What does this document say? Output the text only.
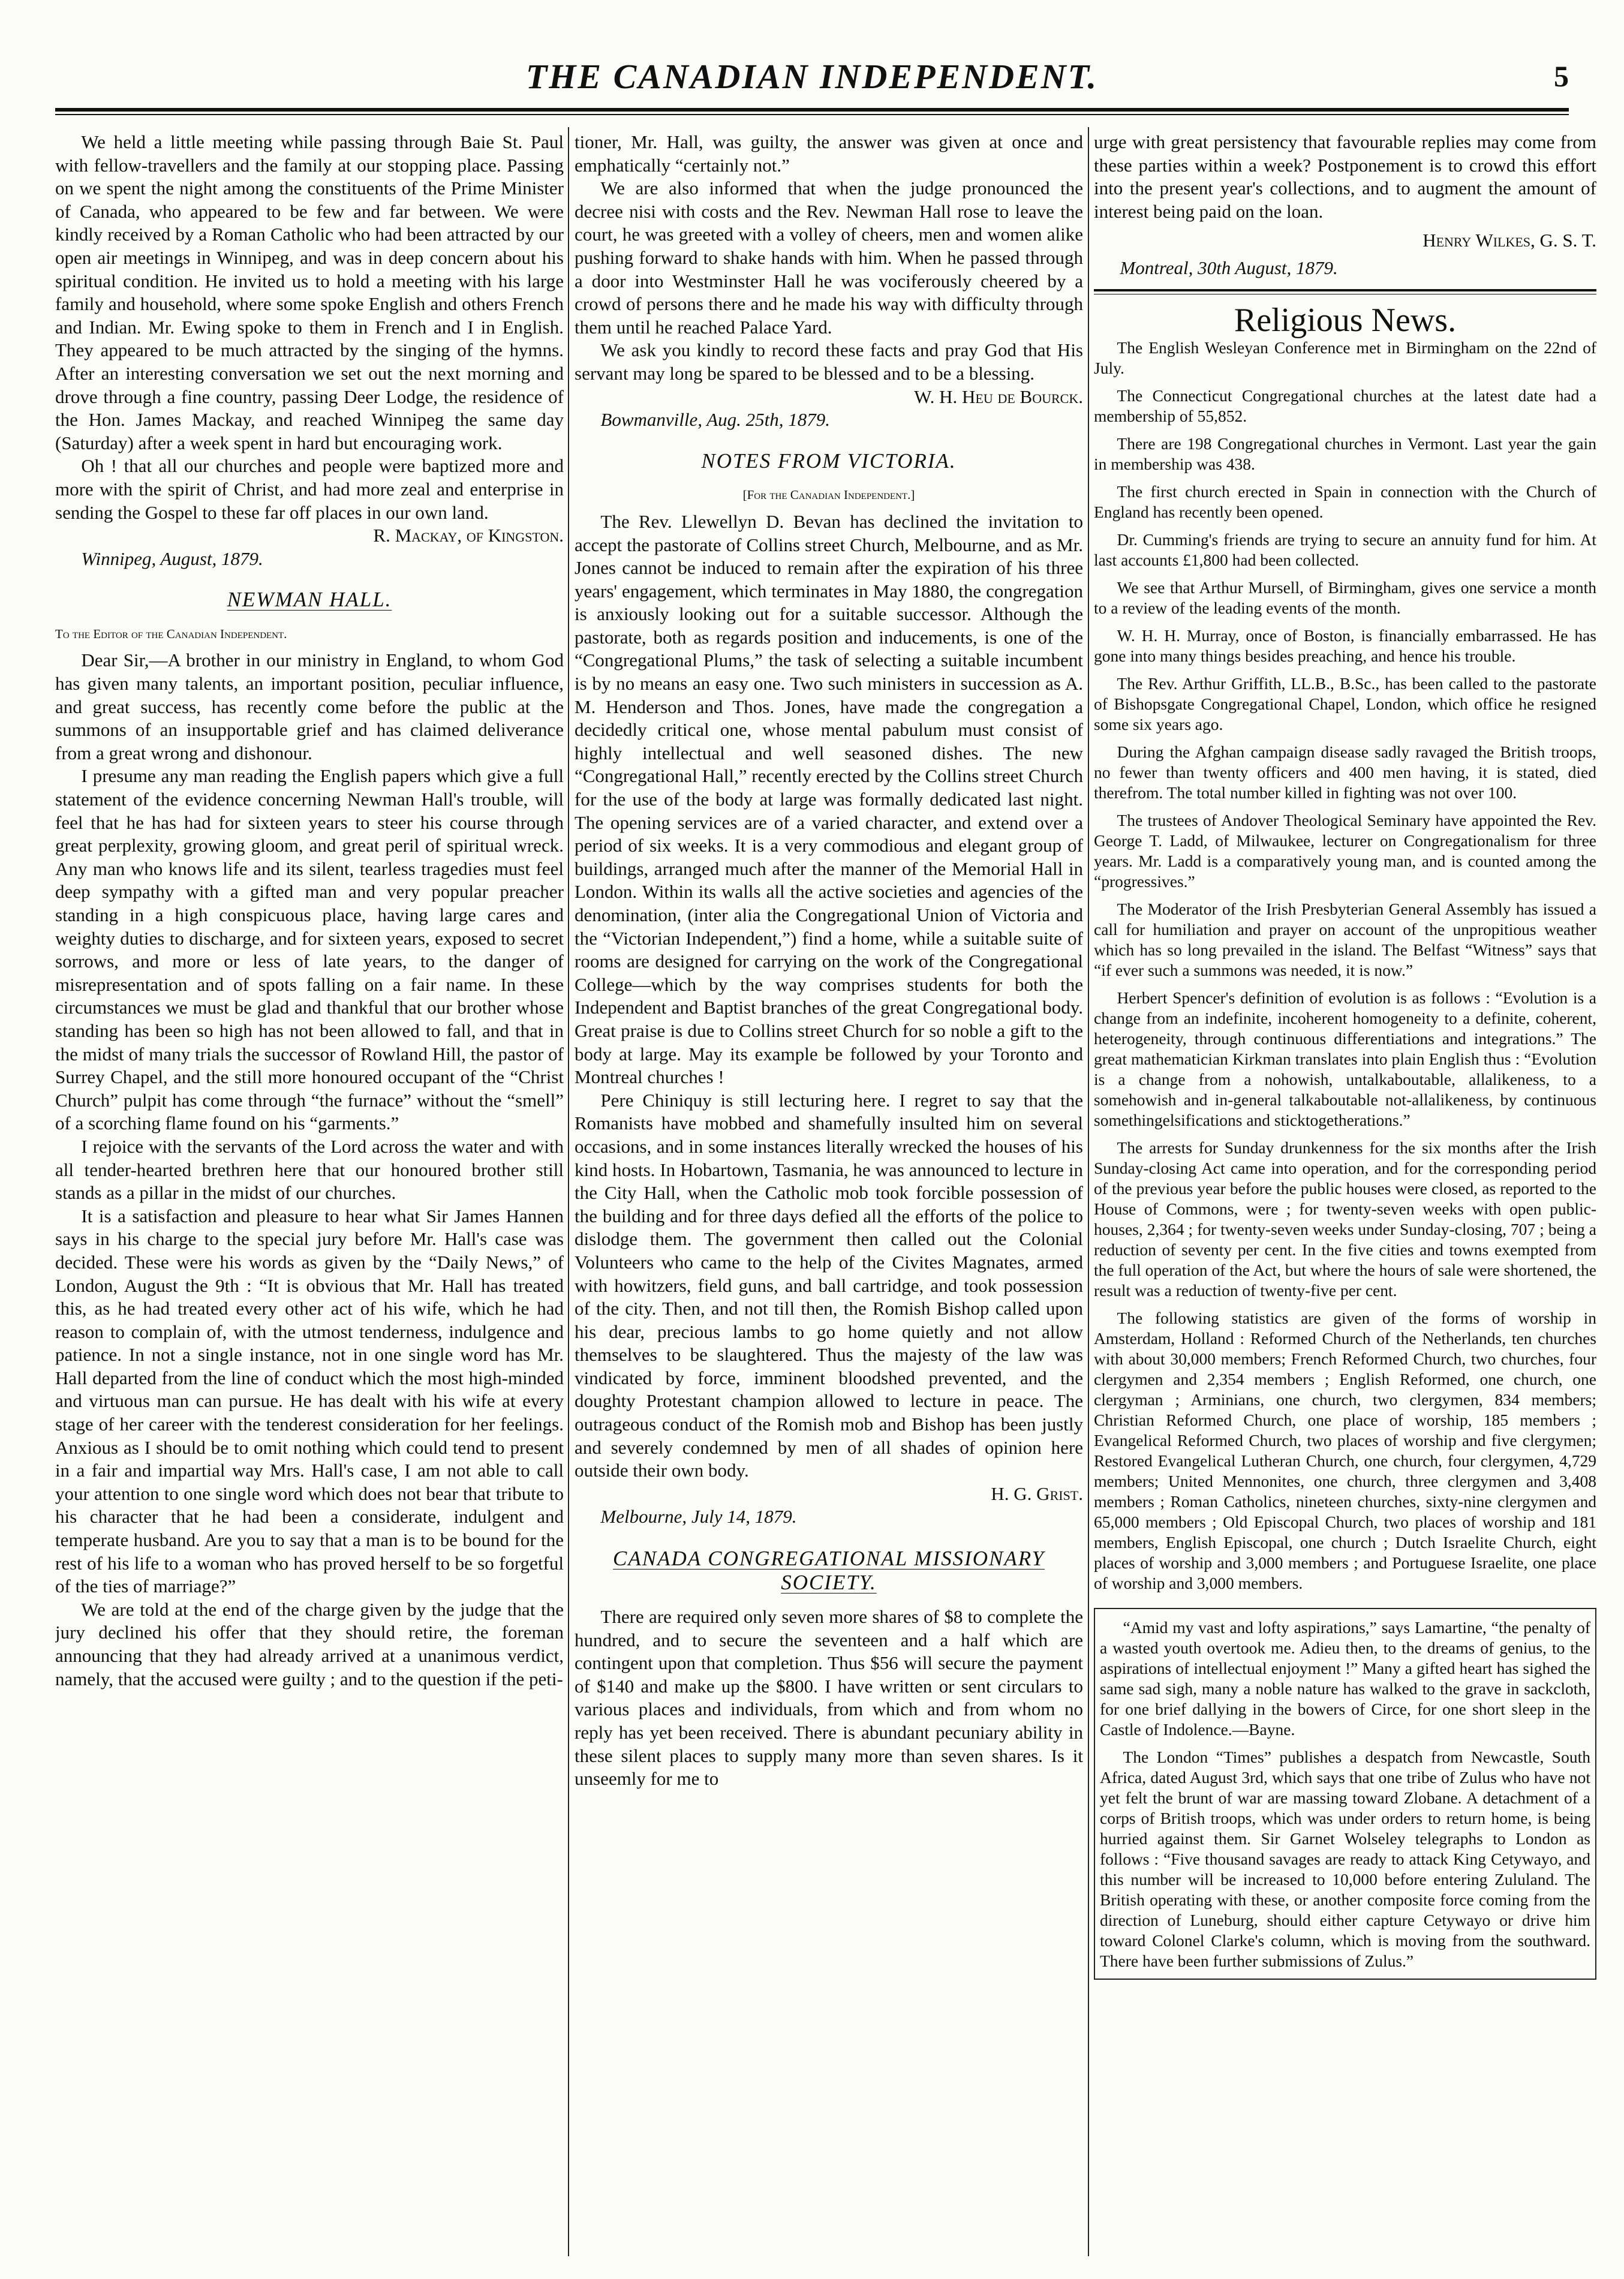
THE CANADIAN INDEPENDENT.	5

We held a little meeting while passing through Baie St. Paul with fellow-travellers and the family at our stopping place. Passing on we spent the night among the constituents of the Prime Minister of Canada, who appeared to be few and far between. We were kindly received by a Roman Catholic who had been attracted by our open air meetings in Winnipeg, and was in deep concern about his spiritual condition. He invited us to hold a meeting with his large family and household, where some spoke English and others French and Indian. Mr. Ewing spoke to them in French and I in English. They appeared to be much attracted by the singing of the hymns. After an interesting conversation we set out the next morning and drove through a fine country, passing Deer Lodge, the residence of the Hon. James Mackay, and reached Winnipeg the same day (Saturday) after a week spent in hard but encouraging work.

Oh ! that all our churches and people were baptized more and more with the spirit of Christ, and had more zeal and enterprise in sending the Gospel to these far off places in our own land.

R. Mackay, of Kingston.

Winnipeg, August, 1879.

NEWMAN HALL.

To the Editor of the Canadian Independent.

Dear Sir,—A brother in our ministry in England, to whom God has given many talents, an important position, peculiar influence, and great success, has recently come before the public at the summons of an insupportable grief and has claimed deliverance from a great wrong and dishonour.

I presume any man reading the English papers which give a full statement of the evidence concerning Newman Hall's trouble, will feel that he has had for sixteen years to steer his course through great perplexity, growing gloom, and great peril of spiritual wreck. Any man who knows life and its silent, tearless tragedies must feel deep sympathy with a gifted man and very popular preacher standing in a high conspicuous place, having large cares and weighty duties to discharge, and for sixteen years, exposed to secret sorrows, and more or less of late years, to the danger of misrepresentation and of spots falling on a fair name. In these circumstances we must be glad and thankful that our brother whose standing has been so high has not been allowed to fall, and that in the midst of many trials the successor of Rowland Hill, the pastor of Surrey Chapel, and the still more honoured occupant of the “Christ Church” pulpit has come through “the furnace” without the “smell” of a scorching flame found on his “garments.”

I rejoice with the servants of the Lord across the water and with all tender-hearted brethren here that our honoured brother still stands as a pillar in the midst of our churches.

It is a satisfaction and pleasure to hear what Sir James Hannen says in his charge to the special jury before Mr. Hall's case was decided. These were his words as given by the “Daily News,” of London, August the 9th : “It is obvious that Mr. Hall has treated this, as he had treated every other act of his wife, which he had reason to complain of, with the utmost tenderness, indulgence and patience. In not a single instance, not in one single word has Mr. Hall departed from the line of conduct which the most high-minded and virtuous man can pursue. He has dealt with his wife at every stage of her career with the tenderest consideration for her feelings. Anxious as I should be to omit nothing which could tend to present in a fair and impartial way Mrs. Hall's case, I am not able to call your attention to one single word which does not bear that tribute to his character that he had been a considerate, indulgent and temperate husband. Are you to say that a man is to be bound for the rest of his life to a woman who has proved herself to be so forgetful of the ties of marriage?”

We are told at the end of the charge given by the judge that the jury declined his offer that they should retire, the foreman announcing that they had already arrived at a unanimous verdict, namely, that the accused were guilty ; and to the question if the peti-

tioner, Mr. Hall, was guilty, the answer was given at once and emphatically “certainly not.”

We are also informed that when the judge pronounced the decree nisi with costs and the Rev. Newman Hall rose to leave the court, he was greeted with a volley of cheers, men and women alike pushing forward to shake hands with him. When he passed through a door into Westminster Hall he was vociferously cheered by a crowd of persons there and he made his way with difficulty through them until he reached Palace Yard.

We ask you kindly to record these facts and pray God that His servant may long be spared to be blessed and to be a blessing.

W. H. Heu de Bourck.

Bowmanville, Aug. 25th, 1879.

NOTES FROM VICTORIA.

[For the Canadian Independent.]

The Rev. Llewellyn D. Bevan has declined the invitation to accept the pastorate of Collins street Church, Melbourne, and as Mr. Jones cannot be induced to remain after the expiration of his three years' engagement, which terminates in May 1880, the congregation is anxiously looking out for a suitable successor. Although the pastorate, both as regards position and inducements, is one of the “Congregational Plums,” the task of selecting a suitable incumbent is by no means an easy one. Two such ministers in succession as A. M. Henderson and Thos. Jones, have made the congregation a decidedly critical one, whose mental pabulum must consist of highly intellectual and well seasoned dishes. The new “Congregational Hall,” recently erected by the Collins street Church for the use of the body at large was formally dedicated last night. The opening services are of a varied character, and extend over a period of six weeks. It is a very commodious and elegant group of buildings, arranged much after the manner of the Memorial Hall in London. Within its walls all the active societies and agencies of the denomination, (inter alia the Congregational Union of Victoria and the “Victorian Independent,”) find a home, while a suitable suite of rooms are designed for carrying on the work of the Congregational College—which by the way comprises students for both the Independent and Baptist branches of the great Congregational body. Great praise is due to Collins street Church for so noble a gift to the body at large. May its example be followed by your Toronto and Montreal churches !

Pere Chiniquy is still lecturing here. I regret to say that the Romanists have mobbed and shamefully insulted him on several occasions, and in some instances literally wrecked the houses of his kind hosts. In Hobartown, Tasmania, he was announced to lecture in the City Hall, when the Catholic mob took forcible possession of the building and for three days defied all the efforts of the police to dislodge them. The government then called out the Colonial Volunteers who came to the help of the Civites Magnates, armed with howitzers, field guns, and ball cartridge, and took possession of the city. Then, and not till then, the Romish Bishop called upon his dear, precious lambs to go home quietly and not allow themselves to be slaughtered. Thus the majesty of the law was vindicated by force, imminent bloodshed prevented, and the doughty Protestant champion allowed to lecture in peace. The outrageous conduct of the Romish mob and Bishop has been justly and severely condemned by men of all shades of opinion here outside their own body.

H. G. Grist.

Melbourne, July 14, 1879.

CANADA CONGREGATIONAL MISSIONARY SOCIETY.

There are required only seven more shares of $8 to complete the hundred, and to secure the seventeen and a half which are contingent upon that completion. Thus $56 will secure the payment of $140 and make up the $800. I have written or sent circulars to various places and individuals, from which and from whom no reply has yet been received. There is abundant pecuniary ability in these silent places to supply many more than seven shares. Is it unseemly for me to

urge with great persistency that favourable replies may come from these parties within a week? Postponement is to crowd this effort into the present year's collections, and to augment the amount of interest being paid on the loan.

Henry Wilkes, G. S. T.

Montreal, 30th August, 1879.

Religious News.

The English Wesleyan Conference met in Birmingham on the 22nd of July.

The Connecticut Congregational churches at the latest date had a membership of 55,852.

There are 198 Congregational churches in Vermont. Last year the gain in membership was 438.

The first church erected in Spain in connection with the Church of England has recently been opened.

Dr. Cumming's friends are trying to secure an annuity fund for him. At last accounts £1,800 had been collected.

We see that Arthur Mursell, of Birmingham, gives one service a month to a review of the leading events of the month.

W. H. H. Murray, once of Boston, is financially embarrassed. He has gone into many things besides preaching, and hence his trouble.

The Rev. Arthur Griffith, LL.B., B.Sc., has been called to the pastorate of Bishopsgate Congregational Chapel, London, which office he resigned some six years ago.

During the Afghan campaign disease sadly ravaged the British troops, no fewer than twenty officers and 400 men having, it is stated, died therefrom. The total number killed in fighting was not over 100.

The trustees of Andover Theological Seminary have appointed the Rev. George T. Ladd, of Milwaukee, lecturer on Congregationalism for three years. Mr. Ladd is a comparatively young man, and is counted among the “progressives.”

The Moderator of the Irish Presbyterian General Assembly has issued a call for humiliation and prayer on account of the unpropitious weather which has so long prevailed in the island. The Belfast “Witness” says that “if ever such a summons was needed, it is now.”

Herbert Spencer's definition of evolution is as follows : “Evolution is a change from an indefinite, incoherent homogeneity to a definite, coherent, heterogeneity, through continuous differentiations and integrations.” The great mathematician Kirkman translates into plain English thus : “Evolution is a change from a nohowish, untalkaboutable, allalikeness, to a somehowish and in-general talkaboutable not-allalikeness, by continuous somethingelsifications and sticktogetherations.”

The arrests for Sunday drunkenness for the six months after the Irish Sunday-closing Act came into operation, and for the corresponding period of the previous year before the public houses were closed, as reported to the House of Commons, were ; for twenty-seven weeks with open public-houses, 2,364 ; for twenty-seven weeks under Sunday-closing, 707 ; being a reduction of seventy per cent. In the five cities and towns exempted from the full operation of the Act, but where the hours of sale were shortened, the result was a reduction of twenty-five per cent.

The following statistics are given of the forms of worship in Amsterdam, Holland : Reformed Church of the Netherlands, ten churches with about 30,000 members; French Reformed Church, two churches, four clergymen and 2,354 members ; English Reformed, one church, one clergyman ; Arminians, one church, two clergymen, 834 members; Christian Reformed Church, one place of worship, 185 members ; Evangelical Reformed Church, two places of worship and five clergymen; Restored Evangelical Lutheran Church, one church, four clergymen, 4,729 members; United Mennonites, one church, three clergymen and 3,408 members ; Roman Catholics, nineteen churches, sixty-nine clergymen and 65,000 members ; Old Episcopal Church, two places of worship and 181 members, English Episcopal, one church ; Dutch Israelite Church, eight places of worship and 3,000 members ; and Portuguese Israelite, one place of worship and 3,000 members.

“Amid my vast and lofty aspirations,” says Lamartine, “the penalty of a wasted youth overtook me. Adieu then, to the dreams of genius, to the aspirations of intellectual enjoyment !” Many a gifted heart has sighed the same sad sigh, many a noble nature has walked to the grave in sackcloth, for one brief dallying in the bowers of Circe, for one short sleep in the Castle of Indolence.—Bayne.

The London “Times” publishes a despatch from Newcastle, South Africa, dated August 3rd, which says that one tribe of Zulus who have not yet felt the brunt of war are massing toward Zlobane. A detachment of a corps of British troops, which was under orders to return home, is being hurried against them. Sir Garnet Wolseley telegraphs to London as follows : “Five thousand savages are ready to attack King Cetywayo, and this number will be increased to 10,000 before entering Zululand. The British operating with these, or another composite force coming from the direction of Luneburg, should either capture Cetywayo or drive him toward Colonel Clarke's column, which is moving from the southward. There have been further submissions of Zulus.”
